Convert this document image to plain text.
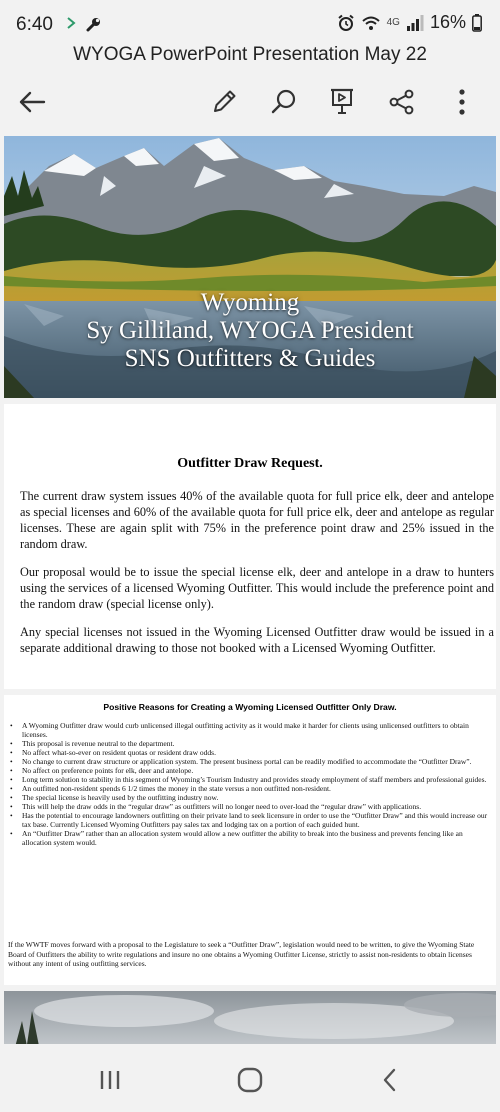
6:40	4G 16%
WYOGA PowerPoint Presentation May 22
Wyoming
Sy Gilliland, WYOGA President
SNS Outfitters & Guides
Outfitter Draw Request.

The current draw system issues 40% of the available quota for full price elk, deer and antelope as special licenses and 60% of the available quota for full price elk, deer and antelope as regular licenses. These are again split with 75% in the preference point draw and 25% issued in the random draw.

Our proposal would be to issue the special license elk, deer and antelope in a draw to hunters using the services of a licensed Wyoming Outfitter. This would include the preference point and the random draw (special license only).

Any special licenses not issued in the Wyoming Licensed Outfitter draw would be issued in a separate additional drawing to those not booked with a Licensed Wyoming Outfitter.

Positive Reasons for Creating a Wyoming Licensed Outfitter Only Draw.
• A Wyoming Outfitter draw would curb unlicensed illegal outfitting activity as it would make it harder for clients using unlicensed outfitters to obtain licenses.
• This proposal is revenue neutral to the department.
• No affect what-so-ever on resident quotas or resident draw odds.
• No change to current draw structure or application system. The present business portal can be readily modified to accommodate the “Outfitter Draw”.
• No affect on preference points for elk, deer and antelope.
• Long term solution to stability in this segment of Wyoming’s Tourism Industry and provides steady employment of staff members and professional guides.
• An outfitted non-resident spends 6 1/2 times the money in the state versus a non outfitted non-resident.
• The special license is heavily used by the outfitting industry now.
• This will help the draw odds in the “regular draw” as outfitters will no longer need to over-load the “regular draw” with applications.
• Has the potential to encourage landowners outfitting on their private land to seek licensure in order to use the “Outfitter Draw” and this would increase our tax base. Currently Licensed Wyoming Outfitters pay sales tax and lodging tax on a portion of each guided hunt.
• An “Outfitter Draw” rather than an allocation system would allow a new outfitter the ability to break into the business and prevents fencing like an allocation system would.

If the WWTF moves forward with a proposal to the Legislature to seek a “Outfitter Draw”, legislation would need to be written, to give the Wyoming State Board of Outfitters the ability to write regulations and insure no one obtains a Wyoming Outfitter License, strictly to assist non-residents to obtain licenses without any intent of using outfitting services.
